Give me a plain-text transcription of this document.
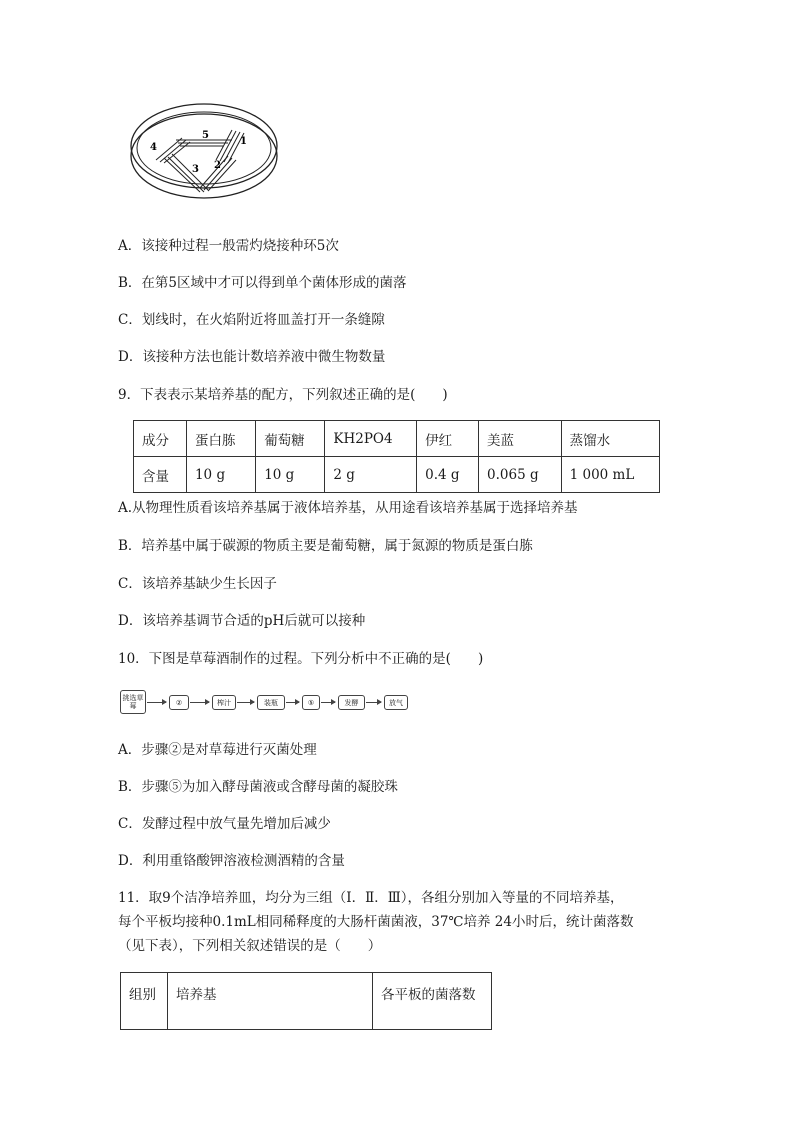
1
2
3
4
5
A．该接种过程一般需灼烧接种环5次
B．在第5区域中才可以得到单个菌体形成的菌落
C．划线时，在火焰附近将皿盖打开一条缝隙
D．该接种方法也能计数培养液中微生物数量
9．下表表示某培养基的配方，下列叙述正确的是(　　)
成分	蛋白胨	葡萄糖	KH2PO4	伊红	美蓝	蒸馏水
含量	10 g	10 g	2 g	0.4 g	0.065 g	1 000 mL
A.从物理性质看该培养基属于液体培养基，从用途看该培养基属于选择培养基
B．培养基中属于碳源的物质主要是葡萄糖，属于氮源的物质是蛋白胨
C．该培养基缺少生长因子
D．该培养基调节合适的pH后就可以接种
10．下图是草莓酒制作的过程。下列分析中不正确的是(　　)
挑选草莓	②	榨汁	装瓶	⑤	发酵	放气
A．步骤②是对草莓进行灭菌处理
B．步骤⑤为加入酵母菌液或含酵母菌的凝胶珠
C．发酵过程中放气量先增加后减少
D．利用重铬酸钾溶液检测酒精的含量
11．取9个洁净培养皿，均分为三组（Ⅰ．Ⅱ．Ⅲ），各组分别加入等量的不同培养基，
每个平板均接种0.1mL相同稀释度的大肠杆菌菌液，37℃培养 24小时后，统计菌落数
（见下表），下列相关叙述错误的是（　　）
组别	培养基	各平板的菌落数
